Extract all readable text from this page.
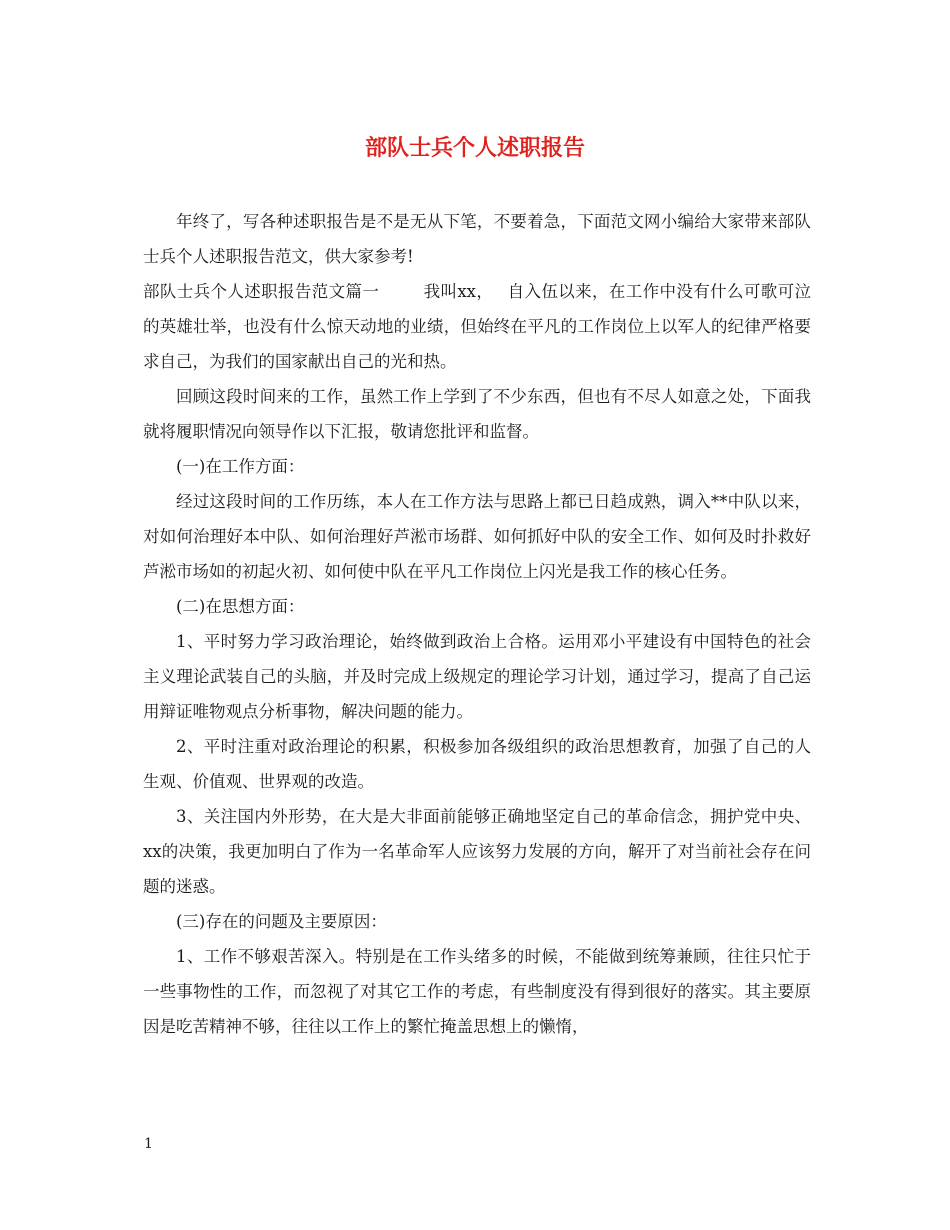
部队士兵个人述职报告

年终了，写各种述职报告是不是无从下笔，不要着急，下面范文网小编给大家带来部队士兵个人述职报告范文，供大家参考!

部队士兵个人述职报告范文篇一	我叫xx， 自入伍以来，在工作中没有什么可歌可泣的英雄壮举，也没有什么惊天动地的业绩，但始终在平凡的工作岗位上以军人的纪律严格要求自己，为我们的国家献出自己的光和热。

回顾这段时间来的工作，虽然工作上学到了不少东西，但也有不尽人如意之处，下面我就将履职情况向领导作以下汇报，敬请您批评和监督。

(一)在工作方面：

经过这段时间的工作历练，本人在工作方法与思路上都已日趋成熟，调入**中队以来，对如何治理好本中队、如何治理好芦淞市场群、如何抓好中队的安全工作、如何及时扑救好芦淞市场如的初起火初、如何使中队在平凡工作岗位上闪光是我工作的核心任务。

(二)在思想方面：

1、平时努力学习政治理论，始终做到政治上合格。运用邓小平建设有中国特色的社会主义理论武装自己的头脑，并及时完成上级规定的理论学习计划，通过学习，提高了自己运用辩证唯物观点分析事物，解决问题的能力。

2、平时注重对政治理论的积累，积极参加各级组织的政治思想教育，加强了自己的人生观、价值观、世界观的改造。

3、关注国内外形势，在大是大非面前能够正确地坚定自己的革命信念，拥护党中央、xx的决策，我更加明白了作为一名革命军人应该努力发展的方向，解开了对当前社会存在问题的迷惑。

(三)存在的问题及主要原因：

1、工作不够艰苦深入。特别是在工作头绪多的时候，不能做到统筹兼顾，往往只忙于一些事物性的工作，而忽视了对其它工作的考虑，有些制度没有得到很好的落实。其主要原因是吃苦精神不够，往往以工作上的繁忙掩盖思想上的懒惰，

1
